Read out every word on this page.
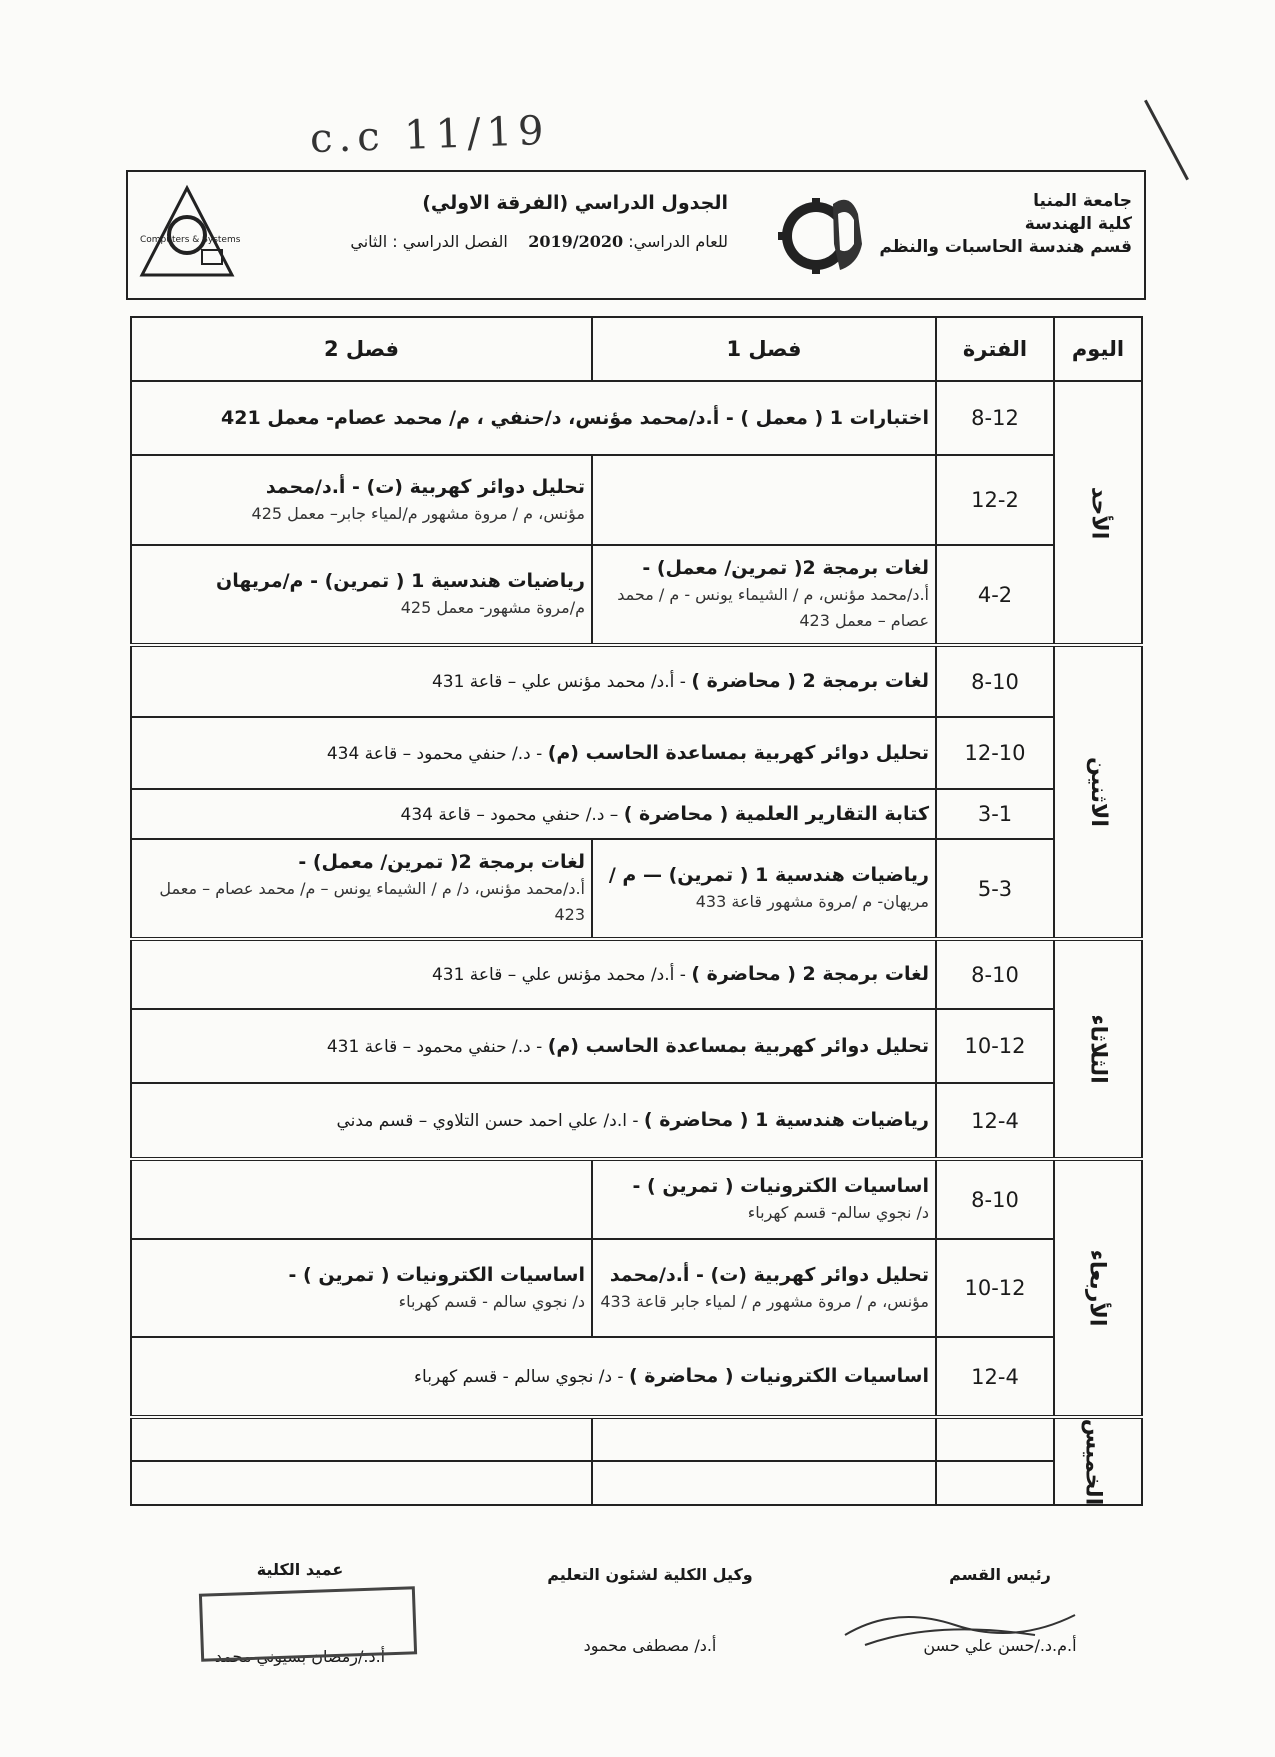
c.c 11/19
جامعة المنيا
كلية الهندسة
قسم هندسة الحاسبات والنظم
الجدول الدراسي (الفرقة الاولي)
للعام الدراسي: 2019/2020    الفصل الدراسي : الثاني
Computers & Systems
اليوم	الفترة	فصل 1	فصل 2
الأحد	8-12	اختبارات 1 ( معمل ) - أ.د/محمد مؤنس، د/حنفي ، م/ محمد عصام- معمل 421	
	12-2		تحليل دوائر كهربية (ت) - أ.د/محمد
مؤنس، م / مروة مشهور م/لمياء جابر– معمل 425
	4-2	لغات برمجة 2( تمرين/ معمل) -
أ.د/محمد مؤنس، م / الشيماء يونس - م / محمد عصام – معمل 423	رياضيات هندسية 1 ( تمرين) - م/مريهان
م/مروة مشهور- معمل 425
الاثنين	8-10	لغات برمجة 2 ( محاضرة ) - أ.د/ محمد مؤنس علي – قاعة 431	
	12-10	تحليل دوائر كهربية بمساعدة الحاسب (م) - د./ حنفي محمود – قاعة 434	
	3-1	كتابة التقارير العلمية ( محاضرة ) – د./ حنفي محمود – قاعة 434	
	5-3	رياضيات هندسية 1 ( تمرين) — م /
مريهان- م /مروة مشهور قاعة 433	لغات برمجة 2( تمرين/ معمل) -
أ.د/محمد مؤنس، د/ م / الشيماء يونس – م/ محمد عصام – معمل 423
الثلاثاء	8-10	لغات برمجة 2 ( محاضرة ) - أ.د/ محمد مؤنس علي – قاعة 431	
	10-12	تحليل دوائر كهربية بمساعدة الحاسب (م) - د./ حنفي محمود – قاعة 431	
	12-4	رياضيات هندسية 1 ( محاضرة ) - ا.د/ علي احمد حسن التلاوي – قسم مدني	
الأربعاء	8-10	اساسيات الكترونيات ( تمرين ) -
د/ نجوي سالم- قسم كهرباء	
	10-12	تحليل دوائر كهربية (ت) - أ.د/محمد
مؤنس، م / مروة مشهور م / لمياء جابر قاعة 433	اساسيات الكترونيات ( تمرين ) -
د/ نجوي سالم - قسم كهرباء
	12-4	اساسيات الكترونيات ( محاضرة ) - د/ نجوي سالم - قسم كهرباء	
الخميس			

رئيس القسم
أ.م.د./حسن علي حسن
وكيل الكلية لشئون التعليم
أ.د/ مصطفى محمود
عميد الكلية
أ.د./رمضان بسيوني محمد
